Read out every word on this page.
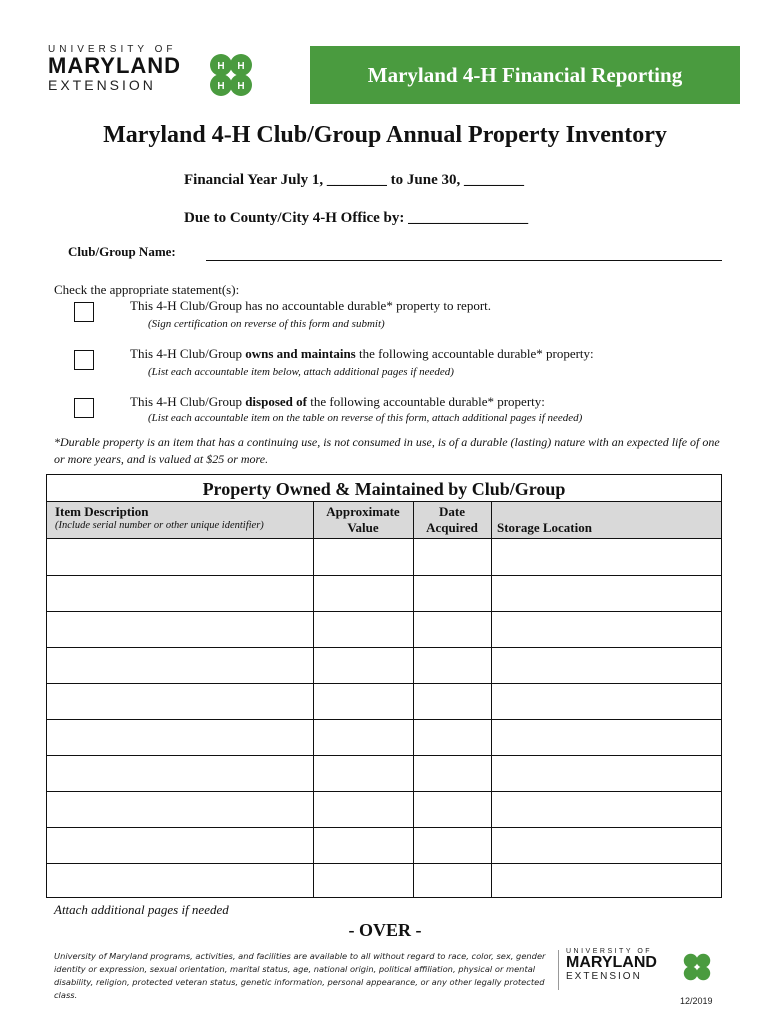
UNIVERSITY OF
MARYLAND
EXTENSION
H H
H H	Maryland 4-H Financial Reporting
Maryland 4-H Club/Group Annual Property Inventory
Financial Year July 1, ________ to June 30, ________
Due to County/City 4-H Office by: ________________
Club/Group Name:
Check the appropriate statement(s):
This 4-H Club/Group has no accountable durable* property to report.
(Sign certification on reverse of this form and submit)
This 4-H Club/Group owns and maintains the following accountable durable* property:
(List each accountable item below, attach additional pages if needed)
This 4-H Club/Group disposed of the following accountable durable* property:
(List each accountable item on the table on reverse of this form, attach additional pages if needed)
*Durable property is an item that has a continuing use, is not consumed in use, is of a durable (lasting) nature with an expected life of one or more years, and is valued at $25 or more.
Property Owned & Maintained by Club/Group
Item Description
(Include serial number or other unique identifier)
Approximate
Value
Date
Acquired	Storage Location
Attach additional pages if needed
- OVER -
University of Maryland programs, activities, and facilities are available to all without regard to race, color, sex, gender identity or expression, sexual orientation, marital status, age, national origin, political affiliation, physical or mental disability, religion, protected veteran status, genetic information, personal appearance, or any other legally protected class.
UNIVERSITY OF
MARYLAND
EXTENSION
12/2019
